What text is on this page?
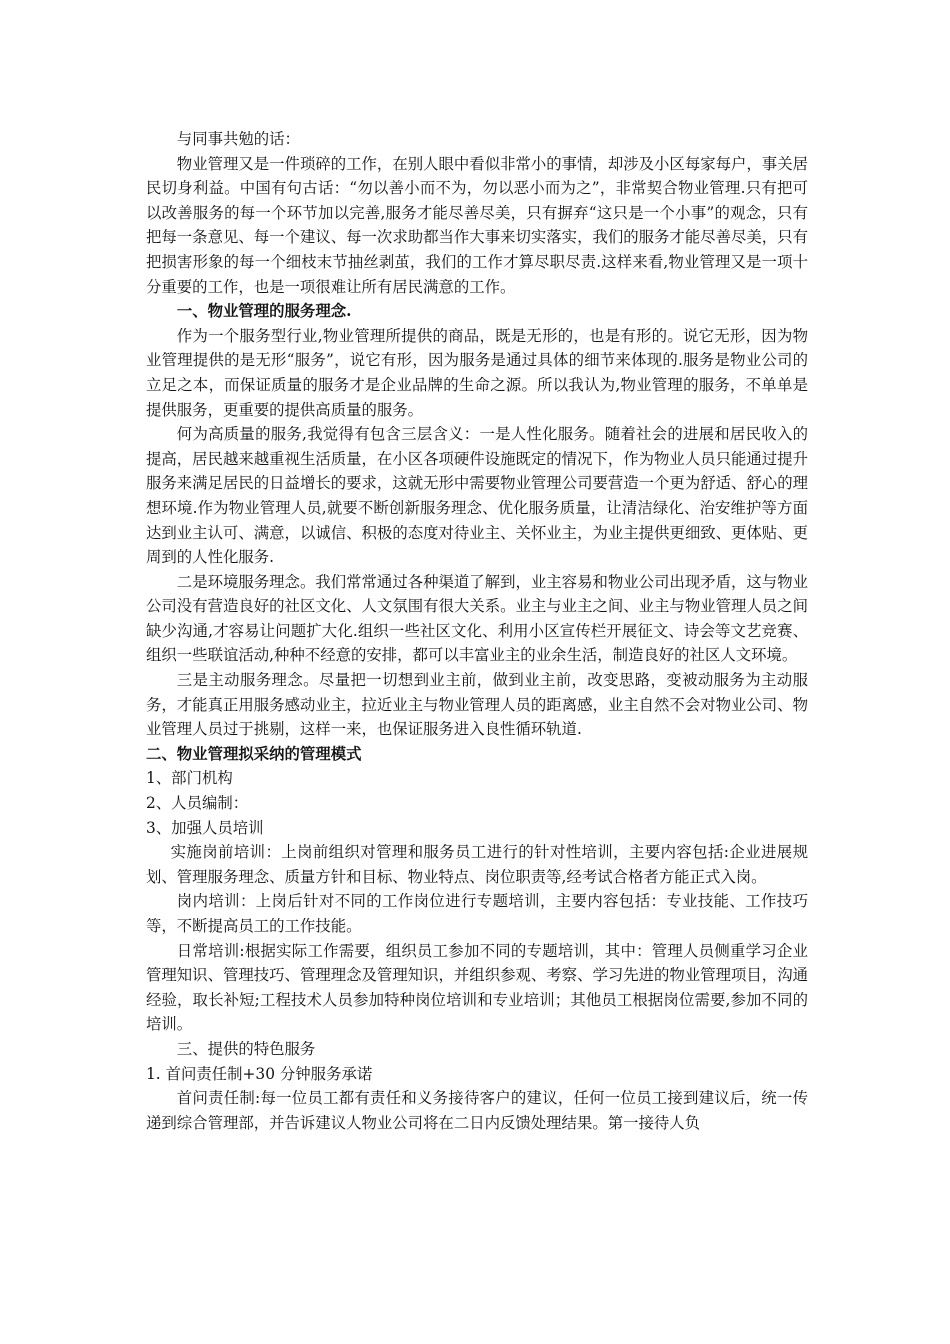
与同事共勉的话：

物业管理又是一件琐碎的工作，在别人眼中看似非常小的事情，却涉及小区每家每户，事关居民切身利益。中国有句古话：“勿以善小而不为，勿以恶小而为之”，非常契合物业管理.只有把可以改善服务的每一个环节加以完善,服务才能尽善尽美，只有摒弃“这只是一个小事”的观念，只有把每一条意见、每一个建议、每一次求助都当作大事来切实落实，我们的服务才能尽善尽美，只有把损害形象的每一个细枝末节抽丝剥茧，我们的工作才算尽职尽责.这样来看,物业管理又是一项十分重要的工作，也是一项很难让所有居民满意的工作。

一、物业管理的服务理念.

作为一个服务型行业,物业管理所提供的商品，既是无形的，也是有形的。说它无形，因为物业管理提供的是无形“服务”，说它有形，因为服务是通过具体的细节来体现的.服务是物业公司的立足之本，而保证质量的服务才是企业品牌的生命之源。所以我认为,物业管理的服务，不单单是提供服务，更重要的提供高质量的服务。

何为高质量的服务,我觉得有包含三层含义：一是人性化服务。随着社会的进展和居民收入的提高，居民越来越重视生活质量，在小区各项硬件设施既定的情况下，作为物业人员只能通过提升服务来满足居民的日益增长的要求，这就无形中需要物业管理公司要营造一个更为舒适、舒心的理想环境.作为物业管理人员,就要不断创新服务理念、优化服务质量，让清洁绿化、治安维护等方面达到业主认可、满意，以诚信、积极的态度对待业主、关怀业主，为业主提供更细致、更体贴、更周到的人性化服务.

二是环境服务理念。我们常常通过各种渠道了解到，业主容易和物业公司出现矛盾，这与物业公司没有营造良好的社区文化、人文氛围有很大关系。业主与业主之间、业主与物业管理人员之间缺少沟通,才容易让问题扩大化.组织一些社区文化、利用小区宣传栏开展征文、诗会等文艺竞赛、组织一些联谊活动,种种不经意的安排，都可以丰富业主的业余生活，制造良好的社区人文环境。

三是主动服务理念。尽量把一切想到业主前，做到业主前，改变思路，变被动服务为主动服务，才能真正用服务感动业主，拉近业主与物业管理人员的距离感，业主自然不会对物业公司、物业管理人员过于挑剔，这样一来，也保证服务进入良性循环轨道.

二、物业管理拟采纳的管理模式

1、部门机构

2、人员编制：

3、加强人员培训

实施岗前培训：上岗前组织对管理和服务员工进行的针对性培训，主要内容包括:企业进展规划、管理服务理念、质量方针和目标、物业特点、岗位职责等,经考试合格者方能正式入岗。

岗内培训：上岗后针对不同的工作岗位进行专题培训，主要内容包括：专业技能、工作技巧等，不断提高员工的工作技能。

日常培训:根据实际工作需要，组织员工参加不同的专题培训，其中：管理人员侧重学习企业管理知识、管理技巧、管理理念及管理知识，并组织参观、考察、学习先进的物业管理项目，沟通经验，取长补短;工程技术人员参加特种岗位培训和专业培训；其他员工根据岗位需要,参加不同的培训。

三、提供的特色服务

1. 首问责任制+30 分钟服务承诺

首问责任制:每一位员工都有责任和义务接待客户的建议，任何一位员工接到建议后，统一传递到综合管理部，并告诉建议人物业公司将在二日内反馈处理结果。第一接待人负
